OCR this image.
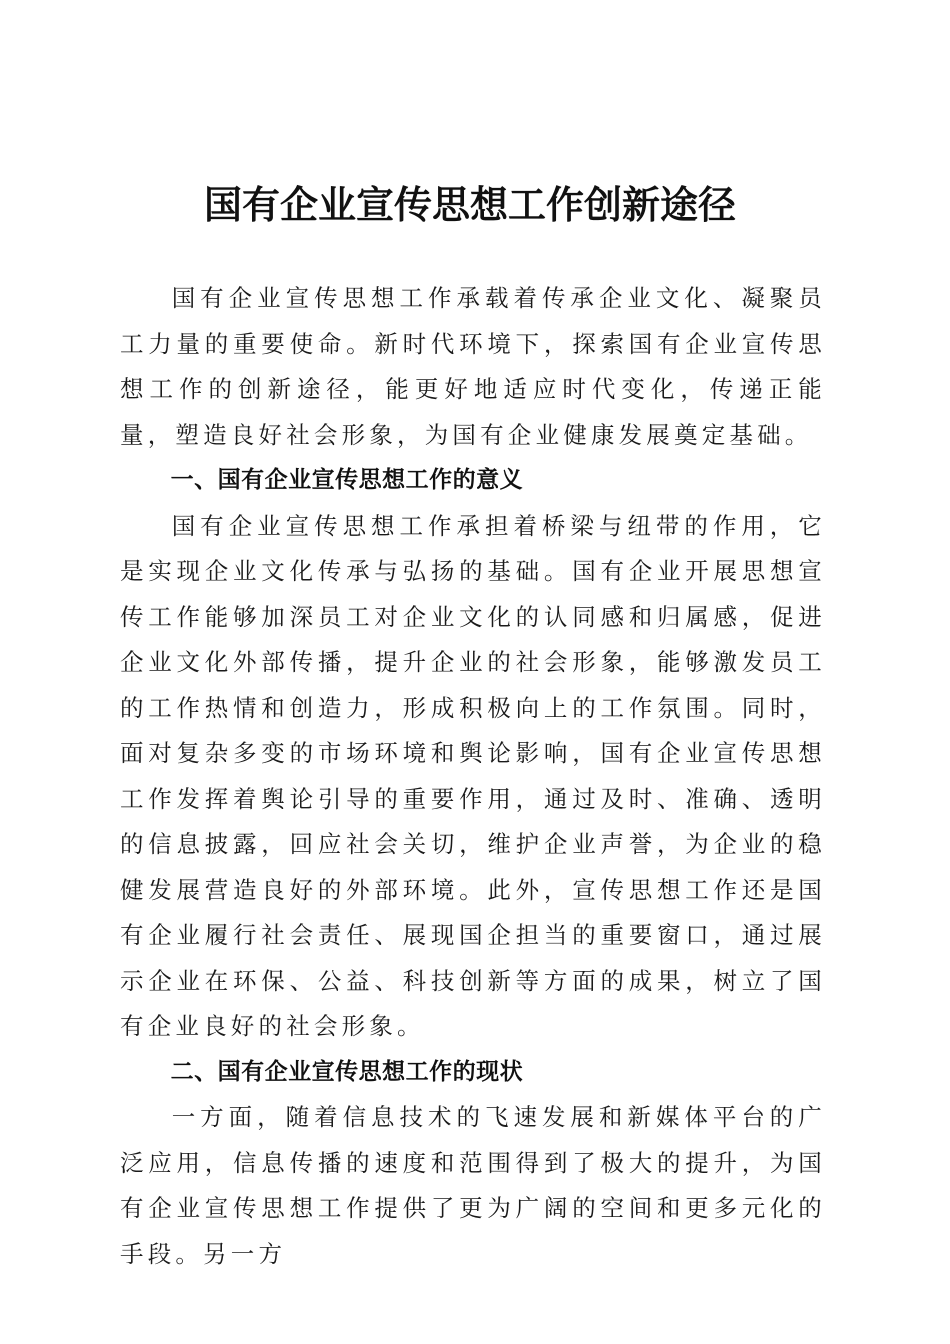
国有企业宣传思想工作创新途径

国有企业宣传思想工作承载着传承企业文化、凝聚员工力量的重要使命。新时代环境下，探索国有企业宣传思想工作的创新途径，能更好地适应时代变化，传递正能量，塑造良好社会形象，为国有企业健康发展奠定基础。

一、国有企业宣传思想工作的意义

国有企业宣传思想工作承担着桥梁与纽带的作用，它是实现企业文化传承与弘扬的基础。国有企业开展思想宣传工作能够加深员工对企业文化的认同感和归属感，促进企业文化外部传播，提升企业的社会形象，能够激发员工的工作热情和创造力，形成积极向上的工作氛围。同时，面对复杂多变的市场环境和舆论影响，国有企业宣传思想工作发挥着舆论引导的重要作用，通过及时、准确、透明的信息披露，回应社会关切，维护企业声誉，为企业的稳健发展营造良好的外部环境。此外，宣传思想工作还是国有企业履行社会责任、展现国企担当的重要窗口，通过展示企业在环保、公益、科技创新等方面的成果，树立了国有企业良好的社会形象。

二、国有企业宣传思想工作的现状

一方面，随着信息技术的飞速发展和新媒体平台的广泛应用，信息传播的速度和范围得到了极大的提升，为国有企业宣传思想工作提供了更为广阔的空间和更多元化的手段。另一方
